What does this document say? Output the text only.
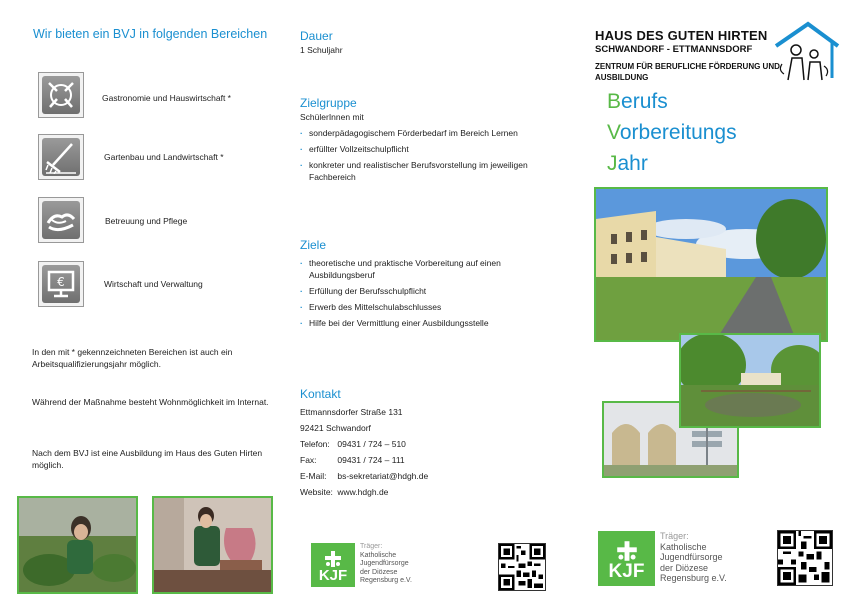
Wir bieten ein BVJ in folgenden Bereichen
Gastronomie und Hauswirtschaft *
Gartenbau und Landwirtschaft *
Betreuung und Pflege
€	Wirtschaft und Verwaltung
In den mit * gekennzeichneten Bereichen ist auch ein Arbeitsqualifizierungsjahr möglich.
Während der Maßnahme besteht Wohnmöglichkeit im Internat.
Nach dem BVJ ist eine Ausbildung im Haus des Guten Hirten möglich.
Dauer
1 Schuljahr
Zielgruppe
SchülerInnen mit
· sonderpädagogischem Förderbedarf im Bereich Lernen
· erfüllter Vollzeitschulpflicht
· konkreter und realistischer Berufsvorstellung im jeweiligen Fachbereich
Ziele
· theoretische und praktische Vorbereitung auf einen Ausbildungsberuf
· Erfüllung der Berufsschulpflicht
· Erwerb des Mittelschulabschlusses
· Hilfe bei der Vermittlung einer Ausbildungsstelle
Kontakt
Ettmannsdorfer Straße 131
92421 Schwandorf
Telefon: 09431 / 724 – 510
Fax: 09431 / 724 – 111
E-Mail: bs-sekretariat@hdgh.de
Website: www.hdgh.de
KJF
Träger:
Katholische
Jugendfürsorge
der Diözese
Regensburg e.V.
HAUS DES GUTEN HIRTEN
SCHWANDORF - ETTMANNSDORF
ZENTRUM FÜR BERUFLICHE FÖRDERUNG UND AUSBILDUNG
Berufs
Vorbereitungs
Jahr
KJF
Träger:
Katholische
Jugendfürsorge
der Diözese
Regensburg e.V.
